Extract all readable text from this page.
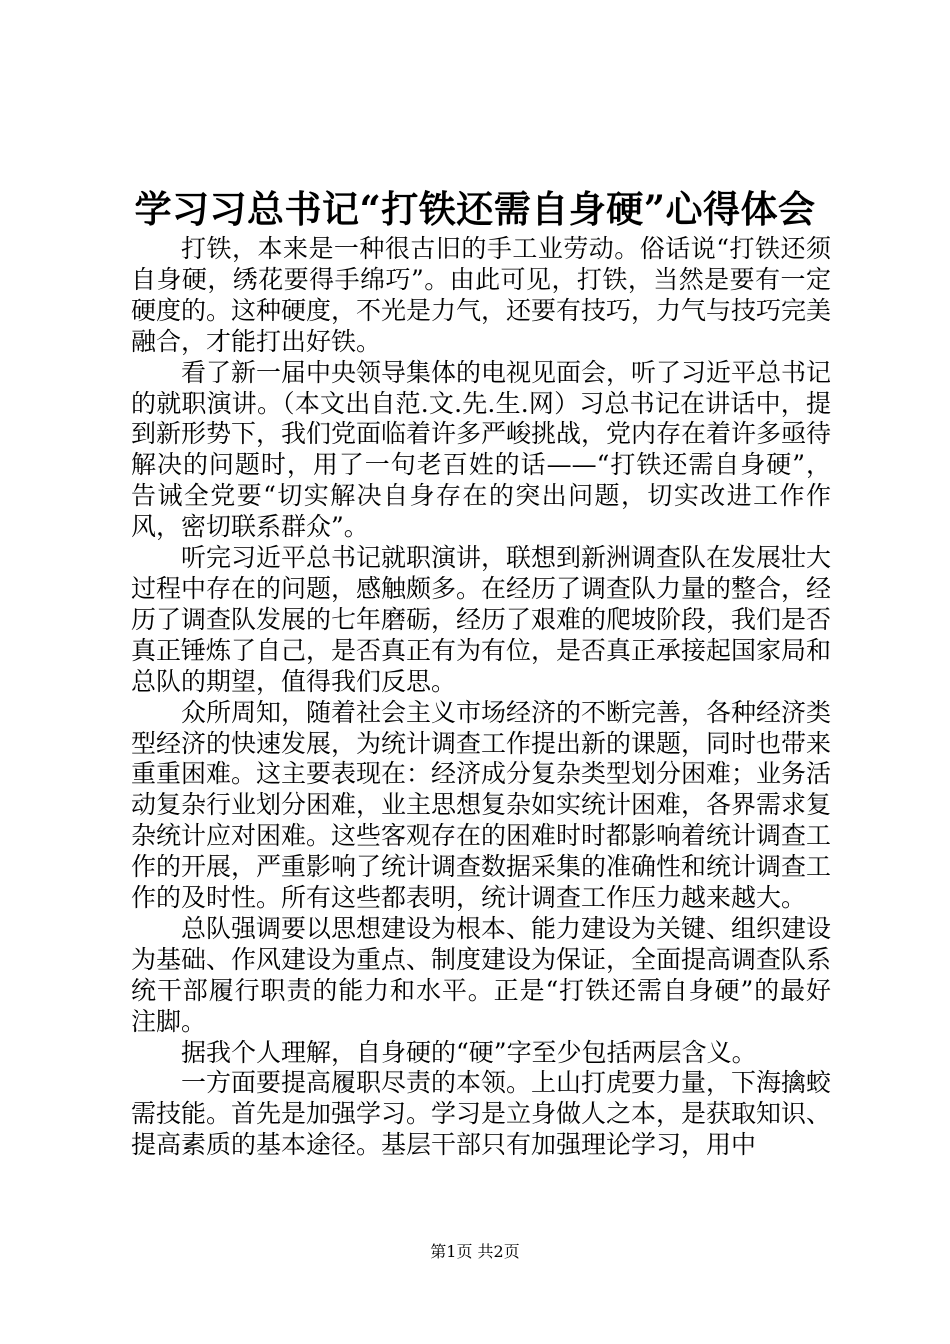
学习习总书记“打铁还需自身硬”心得体会

打铁，本来是一种很古旧的手工业劳动。俗话说“打铁还须自身硬，绣花要得手绵巧”。由此可见，打铁，当然是要有一定硬度的。这种硬度，不光是力气，还要有技巧，力气与技巧完美融合，才能打出好铁。

看了新一届中央领导集体的电视见面会，听了习近平总书记的就职演讲。（本文出自范.文.先.生.网）习总书记在讲话中，提到新形势下，我们党面临着许多严峻挑战，党内存在着许多亟待解决的问题时，用了一句老百姓的话——“打铁还需自身硬”，告诫全党要“切实解决自身存在的突出问题，切实改进工作作风，密切联系群众”。

听完习近平总书记就职演讲，联想到新洲调查队在发展壮大过程中存在的问题，感触颇多。在经历了调查队力量的整合，经历了调查队发展的七年磨砺，经历了艰难的爬坡阶段，我们是否真正锤炼了自己，是否真正有为有位，是否真正承接起国家局和总队的期望，值得我们反思。

众所周知，随着社会主义市场经济的不断完善，各种经济类型经济的快速发展，为统计调查工作提出新的课题，同时也带来重重困难。这主要表现在：经济成分复杂类型划分困难；业务活动复杂行业划分困难，业主思想复杂如实统计困难，各界需求复杂统计应对困难。这些客观存在的困难时时都影响着统计调查工作的开展，严重影响了统计调查数据采集的准确性和统计调查工作的及时性。所有这些都表明，统计调查工作压力越来越大。

总队强调要以思想建设为根本、能力建设为关键、组织建设为基础、作风建设为重点、制度建设为保证，全面提高调查队系统干部履行职责的能力和水平。正是“打铁还需自身硬”的最好注脚。

据我个人理解，自身硬的“硬”字至少包括两层含义。

一方面要提高履职尽责的本领。上山打虎要力量，下海擒蛟需技能。首先是加强学习。学习是立身做人之本，是获取知识、提高素质的基本途径。基层干部只有加强理论学习，用中

第1页 共2页
